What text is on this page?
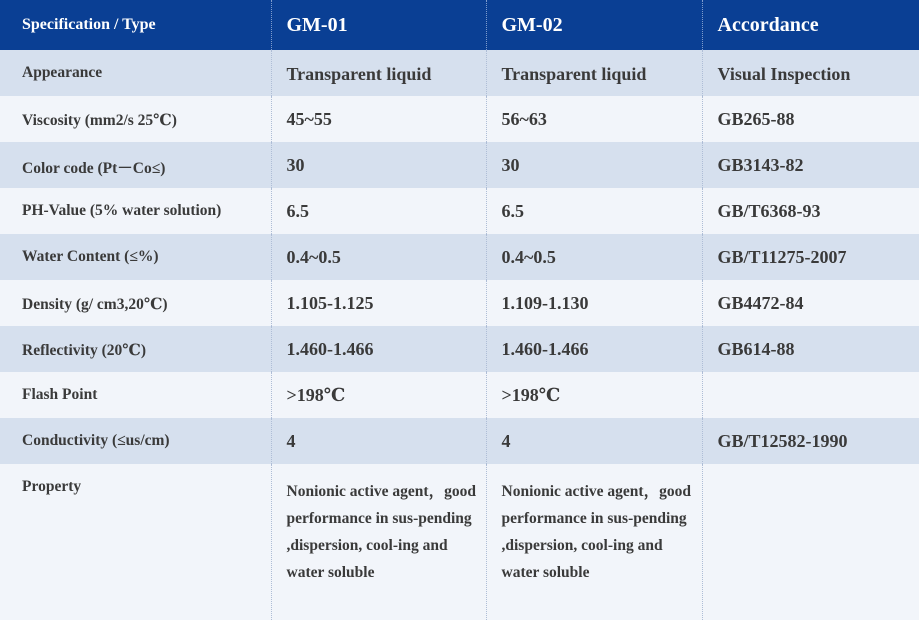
Specification / Type	GM-01	GM-02	Accordance
Appearance	Transparent liquid	Transparent liquid	Visual Inspection
Viscosity (mm2/s 25℃)	45~55	56~63	GB265-88
Color code (Pt－Co≤)	30	30	GB3143-82
PH-Value (5% water solution)	6.5	6.5	GB/T6368-93
Water Content (≤%)	0.4~0.5	0.4~0.5	GB/T11275-2007
Density (g/ cm3,20℃)	1.105-1.125	1.109-1.130	GB4472-84
Reflectivity (20℃)	1.460-1.466	1.460-1.466	GB614-88
Flash Point	>198℃	>198℃	
Conductivity (≤us/cm)	4	4	GB/T12582-1990
Property	Nonionic active agent，good performance in sus-pending ,dispersion, cool-ing and water soluble	Nonionic active agent，good performance in sus-pending ,dispersion, cool-ing and water soluble	
